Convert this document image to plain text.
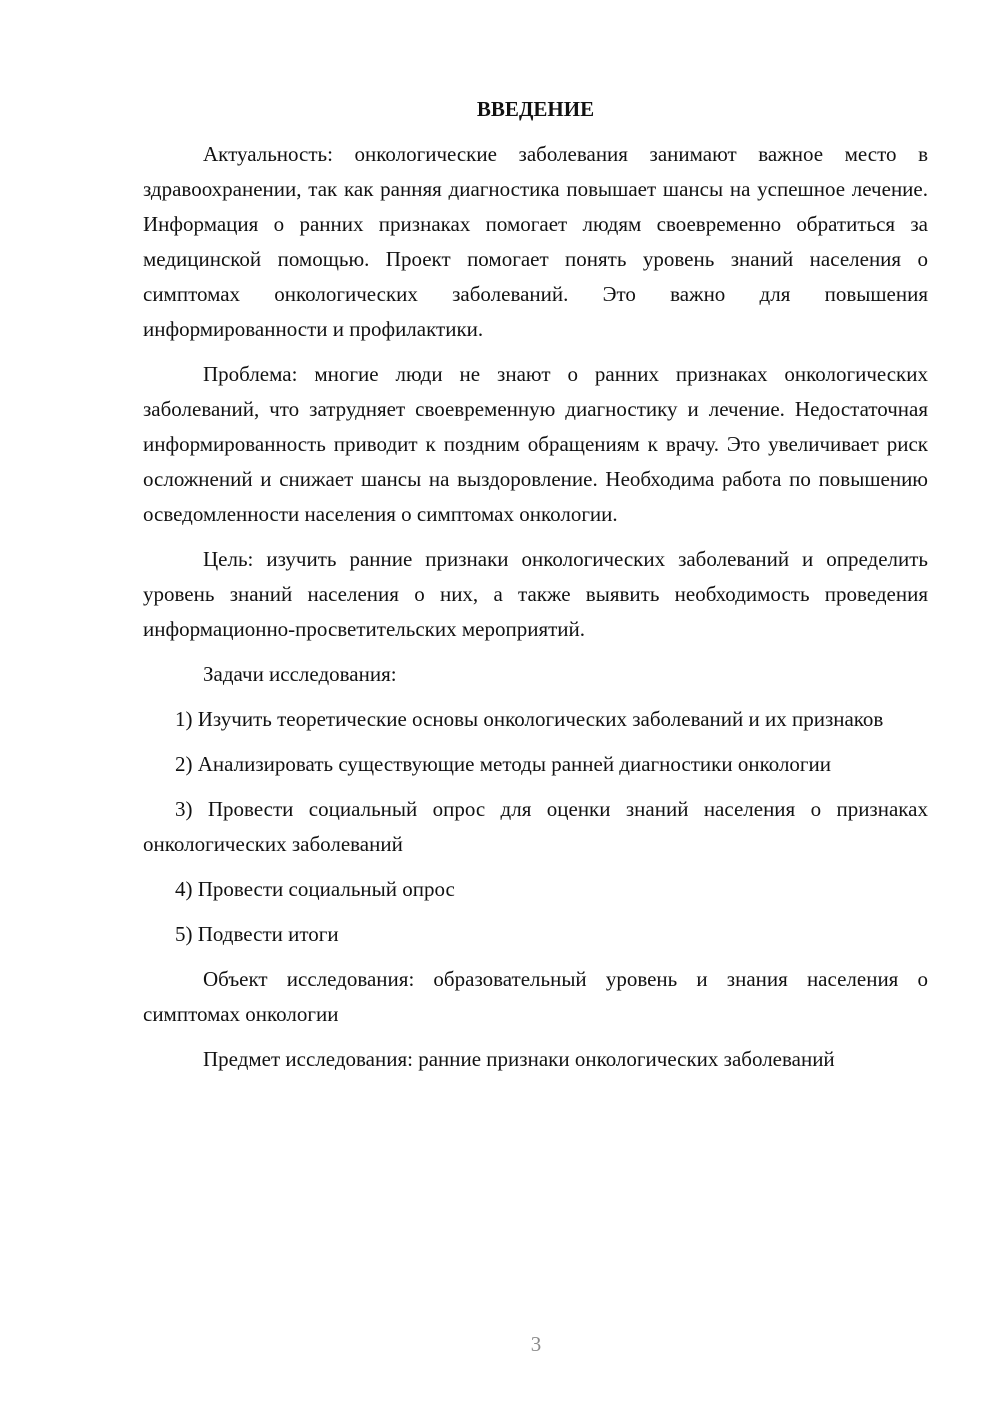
ВВЕДЕНИЕ

Актуальность: онкологические заболевания занимают важное место в здравоохранении, так как ранняя диагностика повышает шансы на успешное лечение. Информация о ранних признаках помогает людям своевременно обратиться за медицинской помощью. Проект помогает понять уровень знаний населения о симптомах онкологических заболеваний. Это важно для повышения информированности и профилактики.

Проблема: многие люди не знают о ранних признаках онкологических заболеваний, что затрудняет своевременную диагностику и лечение. Недостаточная информированность приводит к поздним обращениям к врачу. Это увеличивает риск осложнений и снижает шансы на выздоровление. Необходима работа по повышению осведомленности населения о симптомах онкологии.

Цель: изучить ранние признаки онкологических заболеваний и определить уровень знаний населения о них, а также выявить необходимость проведения информационно-просветительских мероприятий.

Задачи исследования:

1) Изучить теоретические основы онкологических заболеваний и их признаков

2) Анализировать существующие методы ранней диагностики онкологии

3) Провести социальный опрос для оценки знаний населения о признаках онкологических заболеваний

4) Провести социальный опрос

5) Подвести итоги

Объект исследования: образовательный уровень и знания населения о симптомах онкологии

Предмет исследования: ранние признаки онкологических заболеваний

3
